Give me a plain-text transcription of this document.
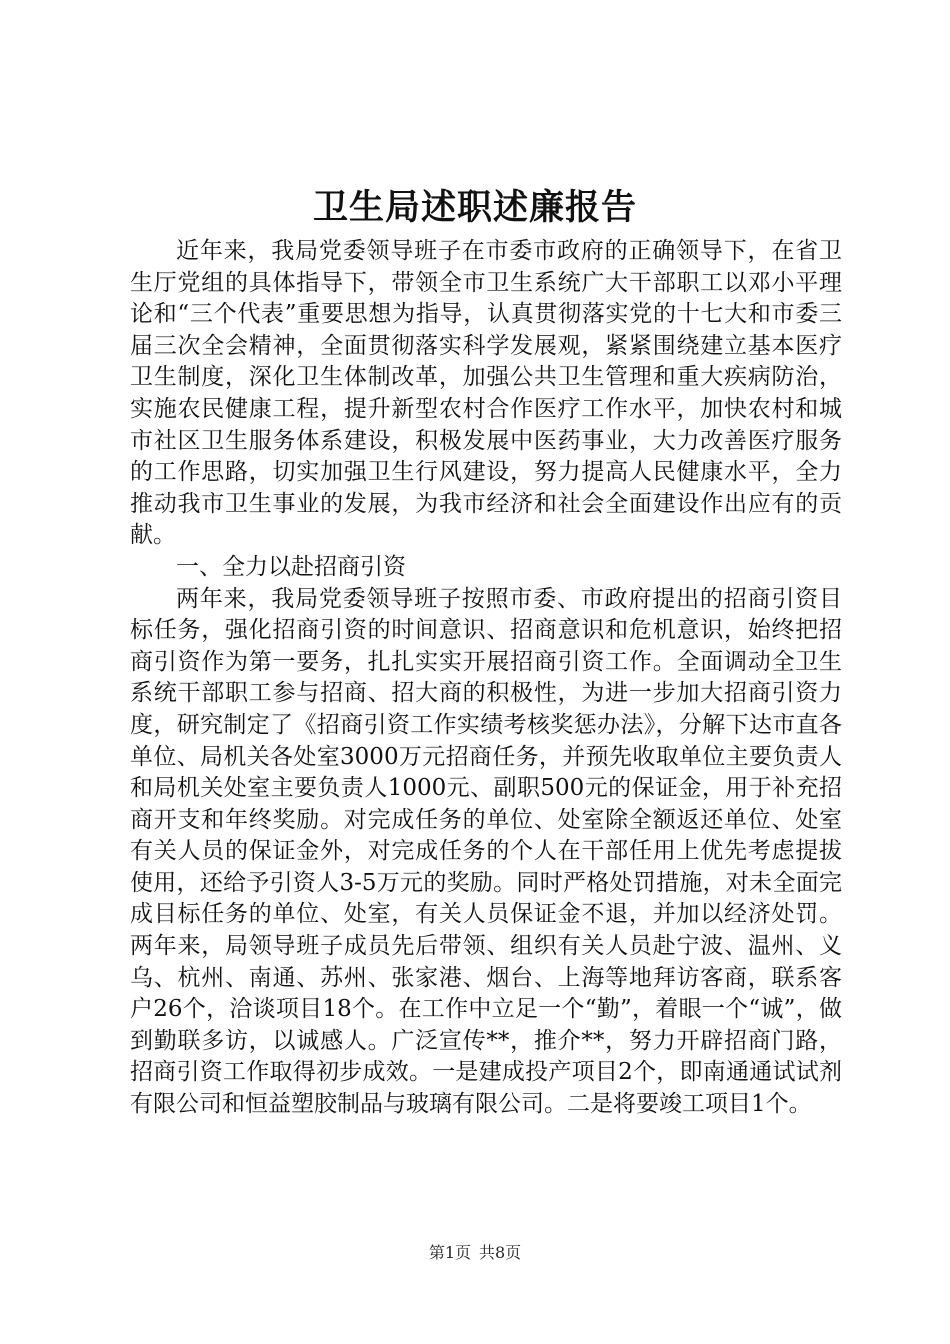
卫生局述职述廉报告

近年来，我局党委领导班子在市委市政府的正确领导下，在省卫生厅党组的具体指导下，带领全市卫生系统广大干部职工以邓小平理论和“三个代表”重要思想为指导，认真贯彻落实党的十七大和市委三届三次全会精神，全面贯彻落实科学发展观，紧紧围绕建立基本医疗卫生制度，深化卫生体制改革，加强公共卫生管理和重大疾病防治，实施农民健康工程，提升新型农村合作医疗工作水平，加快农村和城市社区卫生服务体系建设，积极发展中医药事业，大力改善医疗服务的工作思路，切实加强卫生行风建设，努力提高人民健康水平，全力推动我市卫生事业的发展，为我市经济和社会全面建设作出应有的贡献。

一、全力以赴招商引资

两年来，我局党委领导班子按照市委、市政府提出的招商引资目标任务，强化招商引资的时间意识、招商意识和危机意识，始终把招商引资作为第一要务，扎扎实实开展招商引资工作。全面调动全卫生系统干部职工参与招商、招大商的积极性，为进一步加大招商引资力度，研究制定了《招商引资工作实绩考核奖惩办法》，分解下达市直各单位、局机关各处室3000万元招商任务，并预先收取单位主要负责人和局机关处室主要负责人1000元、副职500元的保证金，用于补充招商开支和年终奖励。对完成任务的单位、处室除全额返还单位、处室有关人员的保证金外，对完成任务的个人在干部任用上优先考虑提拔使用，还给予引资人3-5万元的奖励。同时严格处罚措施，对未全面完成目标任务的单位、处室，有关人员保证金不退，并加以经济处罚。两年来，局领导班子成员先后带领、组织有关人员赴宁波、温州、义乌、杭州、南通、苏州、张家港、烟台、上海等地拜访客商，联系客户26个，洽谈项目18个。在工作中立足一个“勤”，着眼一个“诚”，做到勤联多访，以诚感人。广泛宣传**，推介**，努力开辟招商门路，招商引资工作取得初步成效。一是建成投产项目2个，即南通通试试剂有限公司和恒益塑胶制品与玻璃有限公司。二是将要竣工项目1个。

第1页 共8页
